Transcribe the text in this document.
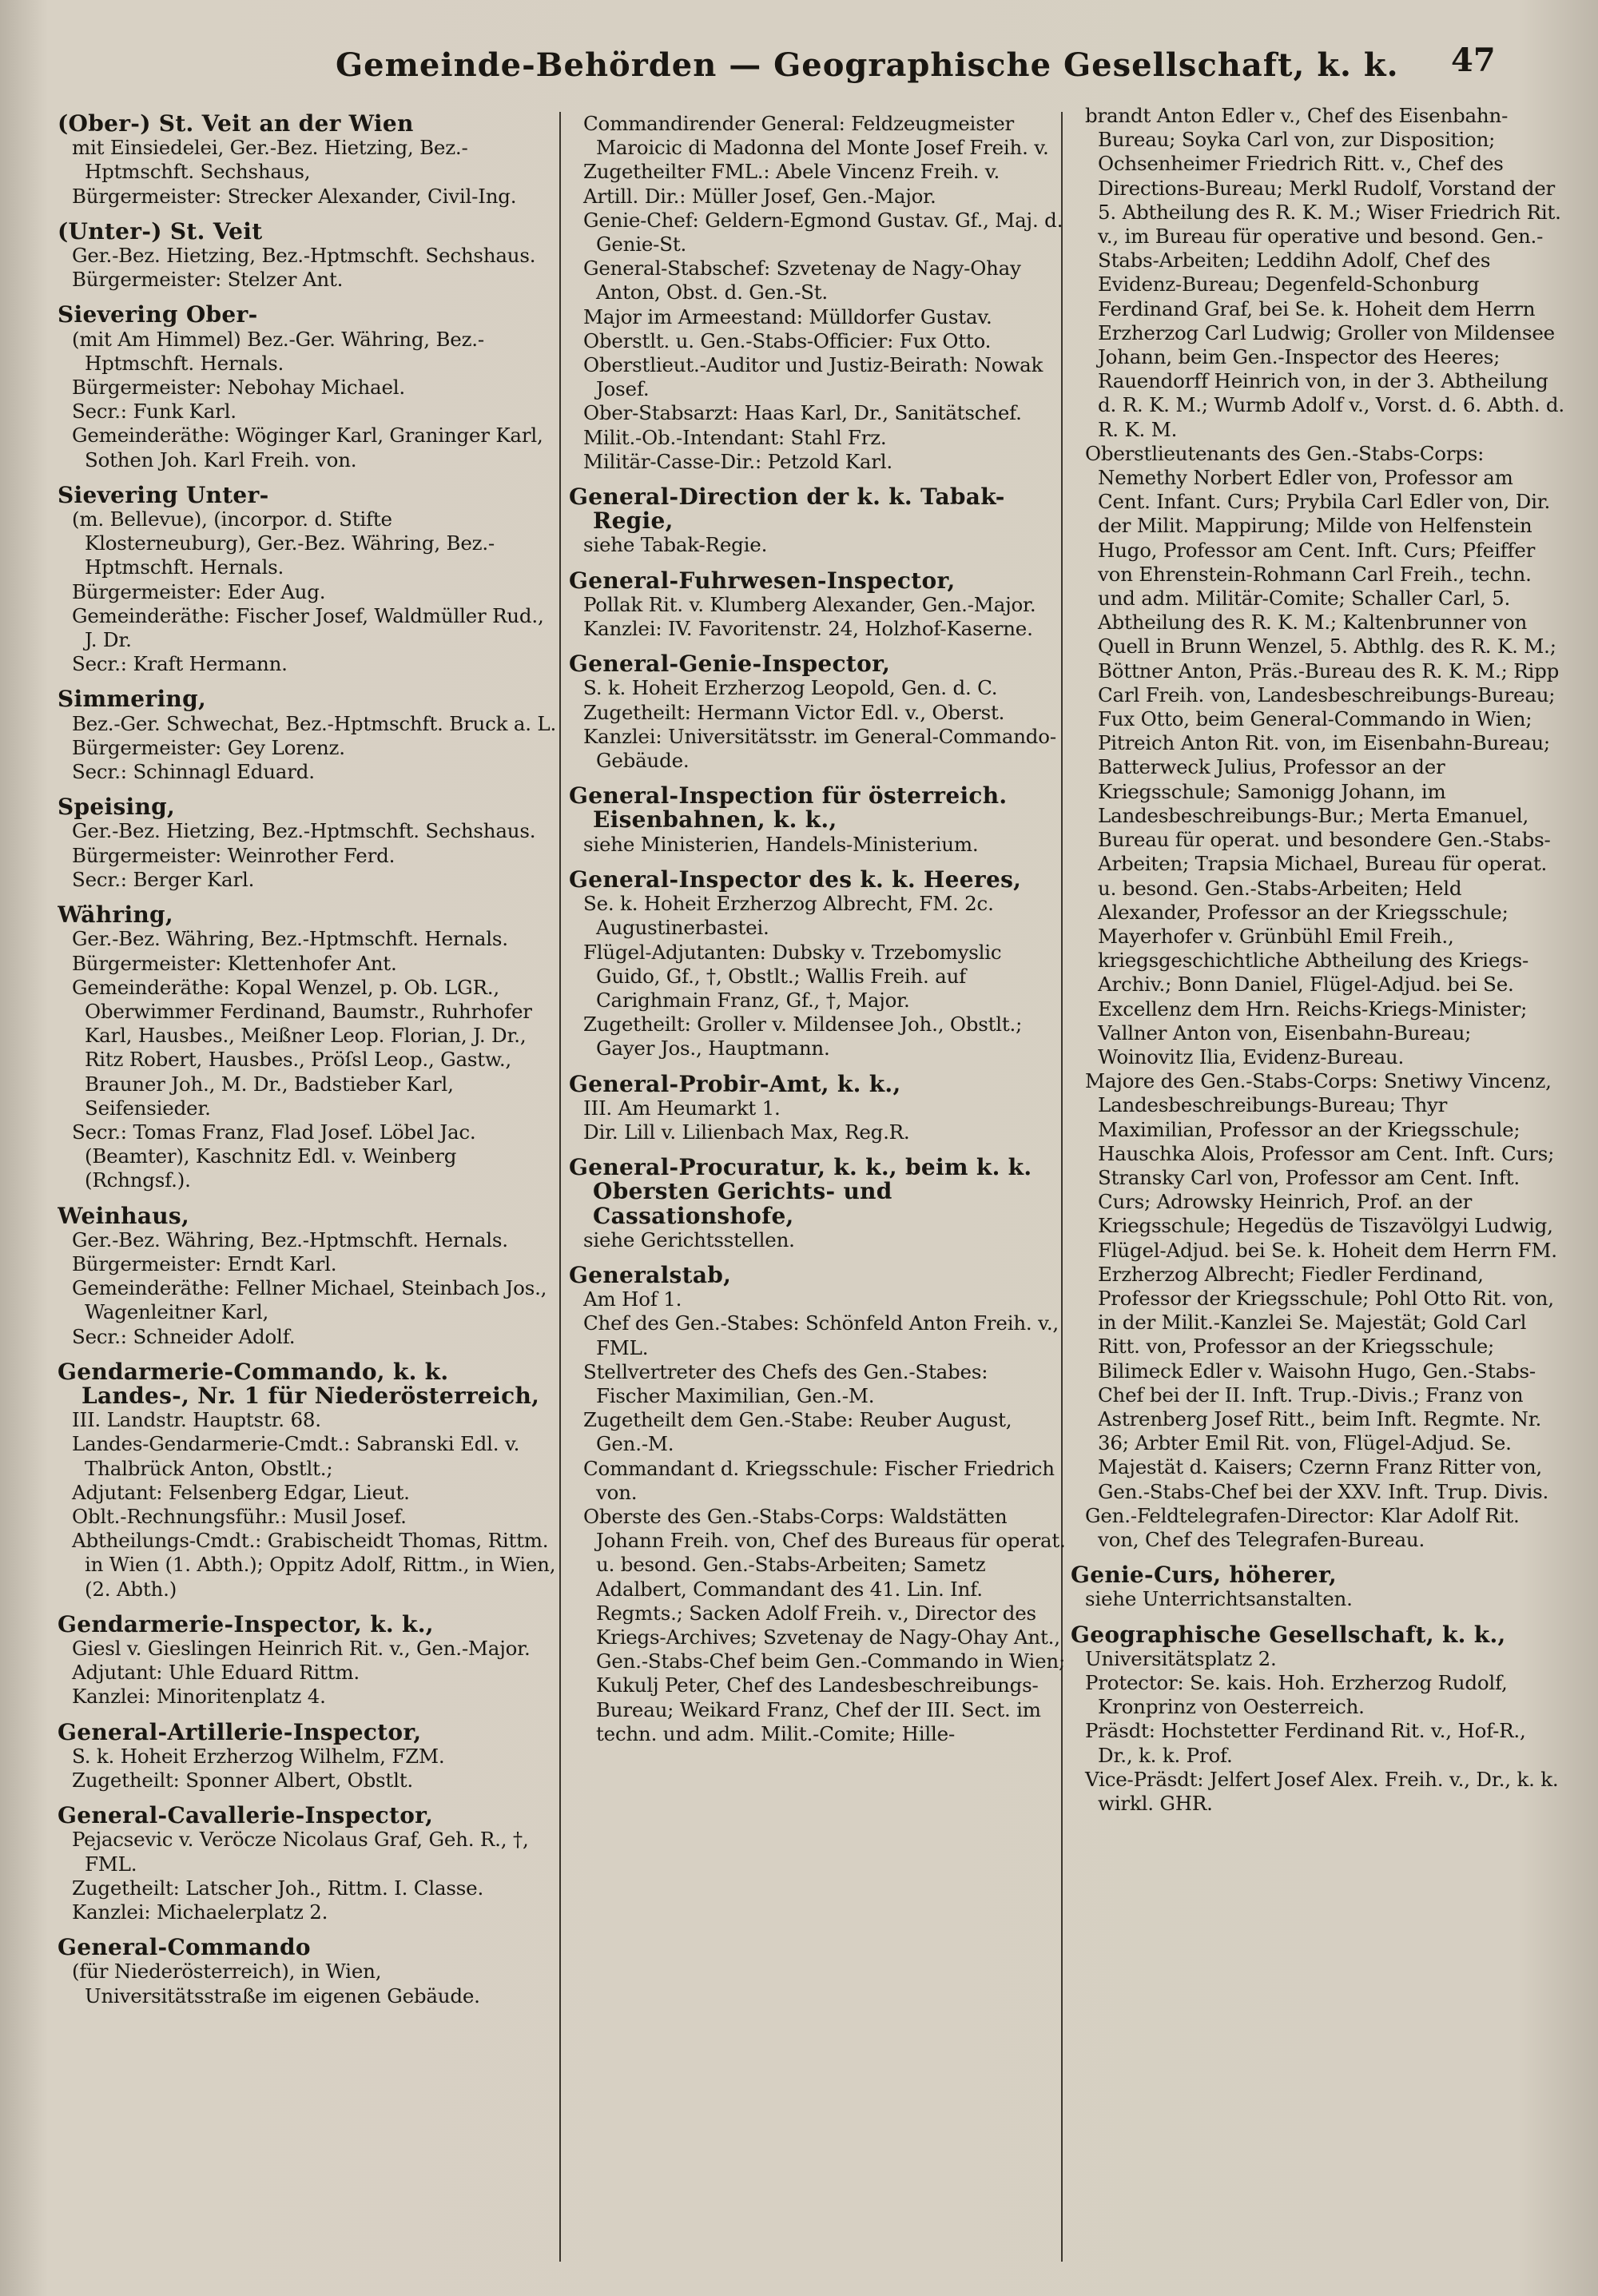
Gemeinde-Behörden — Geographische Gesellschaft, k. k. 47
(Ober-) St. Veit an der Wien
mit Einsiedelei, Ger.-Bez. Hietzing, Bez.-Hptmschft. Sechshaus,
Bürgermeister: Strecker Alexander, Civil-Ing.
(Unter-) St. Veit
Ger.-Bez. Hietzing, Bez.-Hptmschft. Sechshaus.
Bürgermeister: Stelzer Ant.
Sievering Ober-
(mit Am Himmel) Bez.-Ger. Währing, Bez.-Hptmschft. Hernals.
Bürgermeister: Nebohay Michael.
Secr.: Funk Karl.
Gemeinderäthe: Wöginger Karl, Graninger Karl, Sothen Joh. Karl Freih. von.
Sievering Unter-
(m. Bellevue), (incorpor. d. Stifte Klosterneuburg), Ger.-Bez. Währing, Bez.-Hptmschft. Hernals.
Bürgermeister: Eder Aug.
Gemeinderäthe: Fischer Josef, Waldmüller Rud., J. Dr.
Secr.: Kraft Hermann.
Simmering,
Bez.-Ger. Schwechat, Bez.-Hptmschft. Bruck a. L.
Bürgermeister: Gey Lorenz.
Secr.: Schinnagl Eduard.
Speising,
Ger.-Bez. Hietzing, Bez.-Hptmschft. Sechshaus.
Bürgermeister: Weinrother Ferd.
Secr.: Berger Karl.
Währing,
Ger.-Bez. Währing, Bez.-Hptmschft. Hernals.
Bürgermeister: Klettenhofer Ant.
Gemeinderäthe: Kopal Wenzel, p. Ob. LGR., Oberwimmer Ferdinand, Baumstr., Ruhrhofer Karl, Hausbes., Meißner Leop. Florian, J. Dr., Ritz Robert, Hausbes., Pröſsl Leop., Gastw., Brauner Joh., M. Dr., Badstieber Karl, Seifensieder.
Secr.: Tomas Franz, Flad Josef. Löbel Jac. (Beamter), Kaschnitz Edl. v. Weinberg (Rchngsf.).
Weinhaus,
Ger.-Bez. Währing, Bez.-Hptmschft. Hernals.
Bürgermeister: Erndt Karl.
Gemeinderäthe: Fellner Michael, Steinbach Jos., Wagenleitner Karl,
Secr.: Schneider Adolf.
Gendarmerie-Commando, k. k. Landes-, Nr. 1 für Niederösterreich,
III. Landstr. Hauptstr. 68.
Landes-Gendarmerie-Cmdt.: Sabranski Edl. v. Thalbrück Anton, Obstlt.;
Adjutant: Felsenberg Edgar, Lieut.
Oblt.-Rechnungsführ.: Musil Josef.
Abtheilungs-Cmdt.: Grabischeidt Thomas, Rittm. in Wien (1. Abth.); Oppitz Adolf, Rittm., in Wien, (2. Abth.)
Gendarmerie-Inspector, k. k.,
Giesl v. Gieslingen Heinrich Rit. v., Gen.-Major.
Adjutant: Uhle Eduard Rittm.
Kanzlei: Minoritenplatz 4.
General-Artillerie-Inspector,
S. k. Hoheit Erzherzog Wilhelm, FZM.
Zugetheilt: Sponner Albert, Obstlt.
General-Cavallerie-Inspector,
Pejacsevic v. Veröcze Nicolaus Graf, Geh. R., †, FML.
Zugetheilt: Latscher Joh., Rittm. I. Classe.
Kanzlei: Michaelerplatz 2.
General-Commando
(für Niederösterreich), in Wien, Universitätsstraße im eigenen Gebäude.
Commandirender General: Feldzeugmeister Maroicic di Madonna del Monte Josef Freih. v.
Zugetheilter FML.: Abele Vincenz Freih. v.
Artill. Dir.: Müller Josef, Gen.-Major.
Genie-Chef: Geldern-Egmond Gustav. Gf., Maj. d. Genie-St.
General-Stabschef: Szvetenay de Nagy-Ohay Anton, Obst. d. Gen.-St.
Major im Armeestand: Mülldorfer Gustav.
Oberstlt. u. Gen.-Stabs-Officier: Fux Otto.
Oberstlieut.-Auditor und Justiz-Beirath: Nowak Josef.
Ober-Stabsarzt: Haas Karl, Dr., Sanitätschef.
Milit.-Ob.-Intendant: Stahl Frz.
Militär-Casse-Dir.: Petzold Karl.
General-Direction der k. k. Tabak-Regie,
siehe Tabak-Regie.
General-Fuhrwesen-Inspector,
Pollak Rit. v. Klumberg Alexander, Gen.-Major.
Kanzlei: IV. Favoritenstr. 24, Holzhof-Kaserne.
General-Genie-Inspector,
S. k. Hoheit Erzherzog Leopold, Gen. d. C.
Zugetheilt: Hermann Victor Edl. v., Oberst.
Kanzlei: Universitätsstr. im General-Commando-Gebäude.
General-Inspection für österreich. Eisenbahnen, k. k.,
siehe Ministerien, Handels-Ministerium.
General-Inspector des k. k. Heeres,
Se. k. Hoheit Erzherzog Albrecht, FM. 2c. Augustinerbastei.
Flügel-Adjutanten: Dubsky v. Trzebomyslic Guido, Gf., †, Obstlt.; Wallis Freih. auf Carighmain Franz, Gf., †, Major.
Zugetheilt: Groller v. Mildensee Joh., Obstlt.; Gayer Jos., Hauptmann.
General-Probir-Amt, k. k.,
III. Am Heumarkt 1.
Dir. Lill v. Lilienbach Max, Reg.R.
General-Procuratur, k. k., beim k. k. Obersten Gerichts- und Cassationshofe,
siehe Gerichtsstellen.
Generalstab,
Am Hof 1.
Chef des Gen.-Stabes: Schönfeld Anton Freih. v., FML.
Stellvertreter des Chefs des Gen.-Stabes: Fischer Maximilian, Gen.-M.
Zugetheilt dem Gen.-Stabe: Reuber August, Gen.-M.
Commandant d. Kriegsschule: Fischer Friedrich von.
Oberste des Gen.-Stabs-Corps: Waldstätten Johann Freih. von, Chef des Bureaus für operat. u. besond. Gen.-Stabs-Arbeiten; Sametz Adalbert, Commandant des 41. Lin. Inf. Regmts.; Sacken Adolf Freih. v., Director des Kriegs-Archives; Szvetenay de Nagy-Ohay Ant., Gen.-Stabs-Chef beim Gen.-Commando in Wien; Kukulj Peter, Chef des Landesbeschreibungs-Bureau; Weikard Franz, Chef der III. Sect. im techn. und adm. Milit.-Comite; Hille-
brandt Anton Edler v., Chef des Eisenbahn-Bureau; Soyka Carl von, zur Disposition; Ochsenheimer Friedrich Ritt. v., Chef des Directions-Bureau; Merkl Rudolf, Vorstand der 5. Abtheilung des R. K. M.; Wiser Friedrich Rit. v., im Bureau für operative und besond. Gen.-Stabs-Arbeiten; Leddihn Adolf, Chef des Evidenz-Bureau; Degenfeld-Schonburg Ferdinand Graf, bei Se. k. Hoheit dem Herrn Erzherzog Carl Ludwig; Groller von Mildensee Johann, beim Gen.-Inspector des Heeres; Rauendorff Heinrich von, in der 3. Abtheilung d. R. K. M.; Wurmb Adolf v., Vorst. d. 6. Abth. d. R. K. M.
Oberstlieutenants des Gen.-Stabs-Corps: Nemethy Norbert Edler von, Professor am Cent. Infant. Curs; Prybila Carl Edler von, Dir. der Milit. Mappirung; Milde von Helfenstein Hugo, Professor am Cent. Inft. Curs; Pfeiffer von Ehrenstein-Rohmann Carl Freih., techn. und adm. Militär-Comite; Schaller Carl, 5. Abtheilung des R. K. M.; Kaltenbrunner von Quell in Brunn Wenzel, 5. Abthlg. des R. K. M.; Böttner Anton, Präs.-Bureau des R. K. M.; Ripp Carl Freih. von, Landesbeschreibungs-Bureau; Fux Otto, beim General-Commando in Wien; Pitreich Anton Rit. von, im Eisenbahn-Bureau; Batterweck Julius, Professor an der Kriegsschule; Samonigg Johann, im Landesbeschreibungs-Bur.; Merta Emanuel, Bureau für operat. und besondere Gen.-Stabs-Arbeiten; Trapsia Michael, Bureau für operat. u. besond. Gen.-Stabs-Arbeiten; Held Alexander, Professor an der Kriegsschule; Mayerhofer v. Grünbühl Emil Freih., kriegsgeschichtliche Abtheilung des Kriegs-Archiv.; Bonn Daniel, Flügel-Adjud. bei Se. Excellenz dem Hrn. Reichs-Kriegs-Minister; Vallner Anton von, Eisenbahn-Bureau; Woinovitz Ilia, Evidenz-Bureau.
Majore des Gen.-Stabs-Corps: Snetiwy Vincenz, Landesbeschreibungs-Bureau; Thyr Maximilian, Professor an der Kriegsschule; Hauschka Alois, Professor am Cent. Inft. Curs; Stransky Carl von, Professor am Cent. Inft. Curs; Adrowsky Heinrich, Prof. an der Kriegsschule; Hegedüs de Tiszavölgyi Ludwig, Flügel-Adjud. bei Se. k. Hoheit dem Herrn FM. Erzherzog Albrecht; Fiedler Ferdinand, Professor der Kriegsschule; Pohl Otto Rit. von, in der Milit.-Kanzlei Se. Majestät; Gold Carl Ritt. von, Professor an der Kriegsschule; Bilimeck Edler v. Waisohn Hugo, Gen.-Stabs-Chef bei der II. Inft. Trup.-Divis.; Franz von Astrenberg Josef Ritt., beim Inft. Regmte. Nr. 36; Arbter Emil Rit. von, Flügel-Adjud. Se. Majestät d. Kaisers; Czernn Franz Ritter von, Gen.-Stabs-Chef bei der XXV. Inft. Trup. Divis.
Gen.-Feldtelegrafen-Director: Klar Adolf Rit. von, Chef des Telegrafen-Bureau.
Genie-Curs, höherer,
siehe Unterrichtsanstalten.
Geographische Gesellschaft, k. k.,
Universitätsplatz 2.
Protector: Se. kais. Hoh. Erzherzog Rudolf, Kronprinz von Oesterreich.
Präsdt: Hochstetter Ferdinand Rit. v., Hof-R., Dr., k. k. Prof.
Vice-Präsdt: Jelfert Josef Alex. Freih. v., Dr., k. k. wirkl. GHR.
